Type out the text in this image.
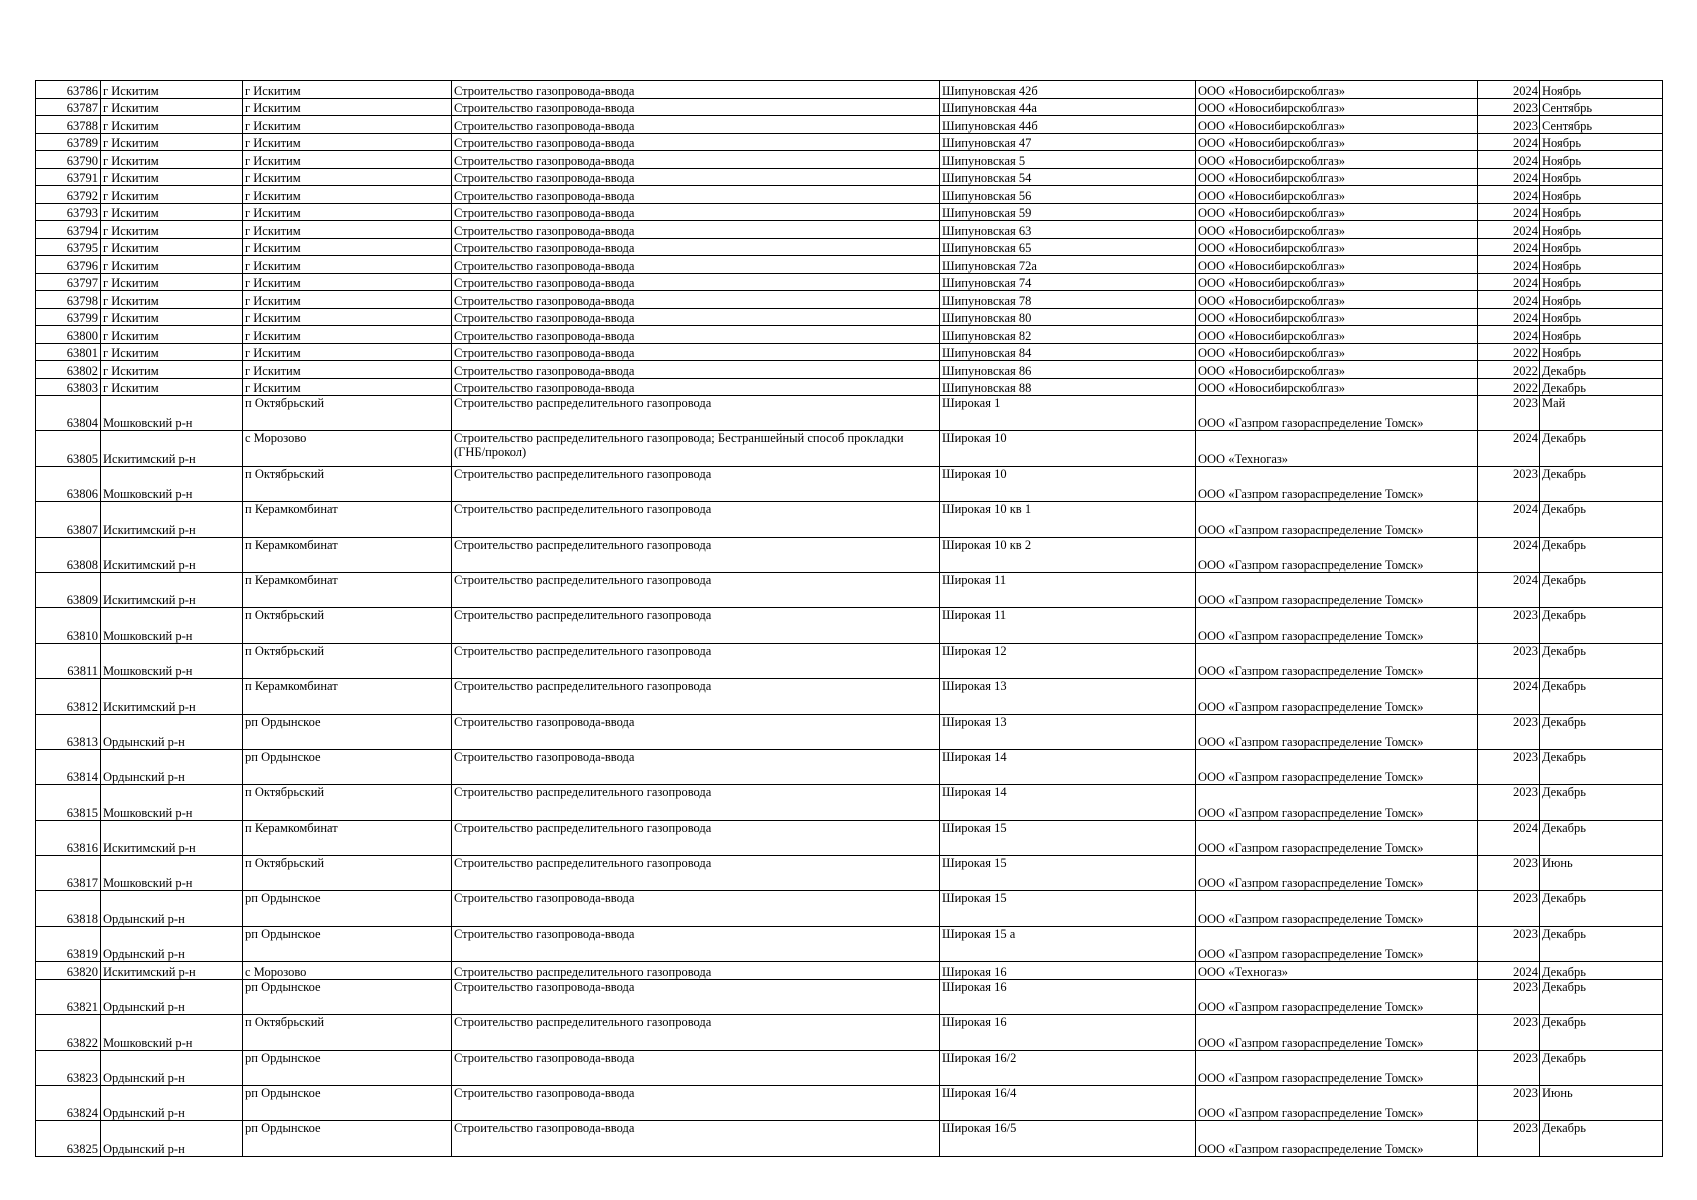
63786	г Искитим	г Искитим	Строительство газопровода-ввода	Шипуновская 42б	ООО «Новосибирскоблгаз»	2024	Ноябрь
63787	г Искитим	г Искитим	Строительство газопровода-ввода	Шипуновская 44а	ООО «Новосибирскоблгаз»	2023	Сентябрь
63788	г Искитим	г Искитим	Строительство газопровода-ввода	Шипуновская 44б	ООО «Новосибирскоблгаз»	2023	Сентябрь
63789	г Искитим	г Искитим	Строительство газопровода-ввода	Шипуновская 47	ООО «Новосибирскоблгаз»	2024	Ноябрь
63790	г Искитим	г Искитим	Строительство газопровода-ввода	Шипуновская 5	ООО «Новосибирскоблгаз»	2024	Ноябрь
63791	г Искитим	г Искитим	Строительство газопровода-ввода	Шипуновская 54	ООО «Новосибирскоблгаз»	2024	Ноябрь
63792	г Искитим	г Искитим	Строительство газопровода-ввода	Шипуновская 56	ООО «Новосибирскоблгаз»	2024	Ноябрь
63793	г Искитим	г Искитим	Строительство газопровода-ввода	Шипуновская 59	ООО «Новосибирскоблгаз»	2024	Ноябрь
63794	г Искитим	г Искитим	Строительство газопровода-ввода	Шипуновская 63	ООО «Новосибирскоблгаз»	2024	Ноябрь
63795	г Искитим	г Искитим	Строительство газопровода-ввода	Шипуновская 65	ООО «Новосибирскоблгаз»	2024	Ноябрь
63796	г Искитим	г Искитим	Строительство газопровода-ввода	Шипуновская 72а	ООО «Новосибирскоблгаз»	2024	Ноябрь
63797	г Искитим	г Искитим	Строительство газопровода-ввода	Шипуновская 74	ООО «Новосибирскоблгаз»	2024	Ноябрь
63798	г Искитим	г Искитим	Строительство газопровода-ввода	Шипуновская 78	ООО «Новосибирскоблгаз»	2024	Ноябрь
63799	г Искитим	г Искитим	Строительство газопровода-ввода	Шипуновская 80	ООО «Новосибирскоблгаз»	2024	Ноябрь
63800	г Искитим	г Искитим	Строительство газопровода-ввода	Шипуновская 82	ООО «Новосибирскоблгаз»	2024	Ноябрь
63801	г Искитим	г Искитим	Строительство газопровода-ввода	Шипуновская 84	ООО «Новосибирскоблгаз»	2022	Ноябрь
63802	г Искитим	г Искитим	Строительство газопровода-ввода	Шипуновская 86	ООО «Новосибирскоблгаз»	2022	Декабрь
63803	г Искитим	г Искитим	Строительство газопровода-ввода	Шипуновская 88	ООО «Новосибирскоблгаз»	2022	Декабрь
63804	Мошковский р-н	п Октябрьский	Строительство распределительного газопровода	Широкая 1	ООО «Газпром газораспределение Томск»	2023	Май
63805	Искитимский р-н	с Морозово	Строительство распределительного газопровода; Бестраншейный способ прокладки (ГНБ/прокол)	Широкая 10	ООО «Техногаз»	2024	Декабрь
63806	Мошковский р-н	п Октябрьский	Строительство распределительного газопровода	Широкая 10	ООО «Газпром газораспределение Томск»	2023	Декабрь
63807	Искитимский р-н	п Керамкомбинат	Строительство распределительного газопровода	Широкая 10 кв 1	ООО «Газпром газораспределение Томск»	2024	Декабрь
63808	Искитимский р-н	п Керамкомбинат	Строительство распределительного газопровода	Широкая 10 кв 2	ООО «Газпром газораспределение Томск»	2024	Декабрь
63809	Искитимский р-н	п Керамкомбинат	Строительство распределительного газопровода	Широкая 11	ООО «Газпром газораспределение Томск»	2024	Декабрь
63810	Мошковский р-н	п Октябрьский	Строительство распределительного газопровода	Широкая 11	ООО «Газпром газораспределение Томск»	2023	Декабрь
63811	Мошковский р-н	п Октябрьский	Строительство распределительного газопровода	Широкая 12	ООО «Газпром газораспределение Томск»	2023	Декабрь
63812	Искитимский р-н	п Керамкомбинат	Строительство распределительного газопровода	Широкая 13	ООО «Газпром газораспределение Томск»	2024	Декабрь
63813	Ордынский р-н	рп Ордынское	Строительство газопровода-ввода	Широкая 13	ООО «Газпром газораспределение Томск»	2023	Декабрь
63814	Ордынский р-н	рп Ордынское	Строительство газопровода-ввода	Широкая 14	ООО «Газпром газораспределение Томск»	2023	Декабрь
63815	Мошковский р-н	п Октябрьский	Строительство распределительного газопровода	Широкая 14	ООО «Газпром газораспределение Томск»	2023	Декабрь
63816	Искитимский р-н	п Керамкомбинат	Строительство распределительного газопровода	Широкая 15	ООО «Газпром газораспределение Томск»	2024	Декабрь
63817	Мошковский р-н	п Октябрьский	Строительство распределительного газопровода	Широкая 15	ООО «Газпром газораспределение Томск»	2023	Июнь
63818	Ордынский р-н	рп Ордынское	Строительство газопровода-ввода	Широкая 15	ООО «Газпром газораспределение Томск»	2023	Декабрь
63819	Ордынский р-н	рп Ордынское	Строительство газопровода-ввода	Широкая 15 а	ООО «Газпром газораспределение Томск»	2023	Декабрь
63820	Искитимский р-н	с Морозово	Строительство распределительного газопровода	Широкая 16	ООО «Техногаз»	2024	Декабрь
63821	Ордынский р-н	рп Ордынское	Строительство газопровода-ввода	Широкая 16	ООО «Газпром газораспределение Томск»	2023	Декабрь
63822	Мошковский р-н	п Октябрьский	Строительство распределительного газопровода	Широкая 16	ООО «Газпром газораспределение Томск»	2023	Декабрь
63823	Ордынский р-н	рп Ордынское	Строительство газопровода-ввода	Широкая 16/2	ООО «Газпром газораспределение Томск»	2023	Декабрь
63824	Ордынский р-н	рп Ордынское	Строительство газопровода-ввода	Широкая 16/4	ООО «Газпром газораспределение Томск»	2023	Июнь
63825	Ордынский р-н	рп Ордынское	Строительство газопровода-ввода	Широкая 16/5	ООО «Газпром газораспределение Томск»	2023	Декабрь
